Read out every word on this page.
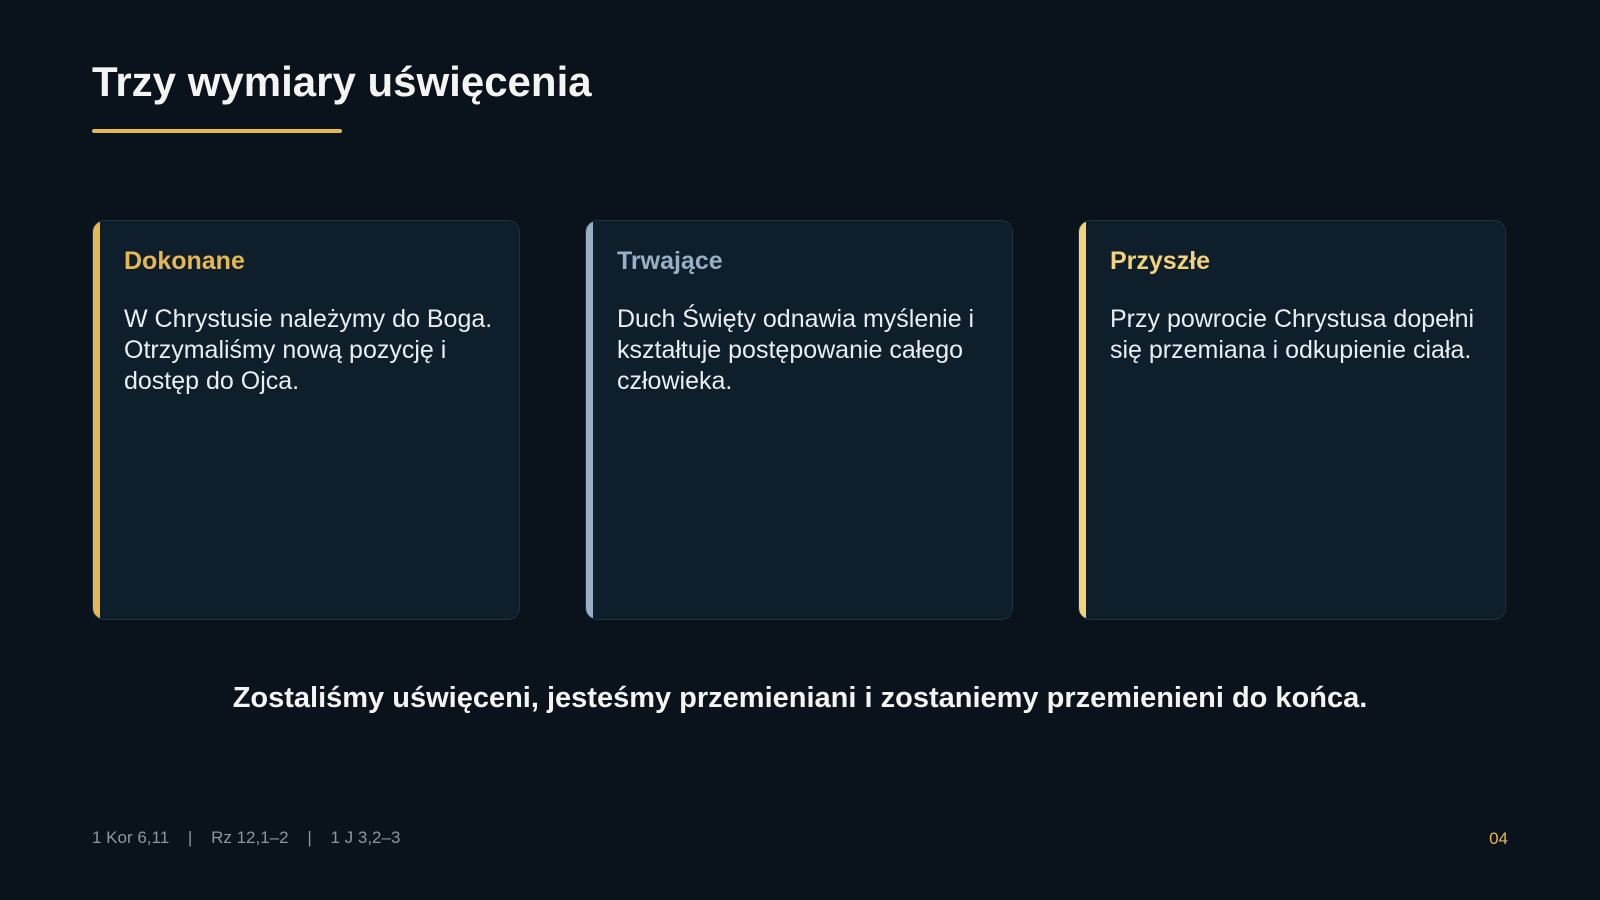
Trzy wymiary uświęcenia
Dokonane
W Chrystusie należymy do Boga. Otrzymaliśmy nową pozycję i dostęp do Ojca.
Trwające
Duch Święty odnawia myślenie i kształtuje postępowanie całego człowieka.
Przyszłe
Przy powrocie Chrystusa dopełni się przemiana i odkupienie ciała.
Zostaliśmy uświęceni, jesteśmy przemieniani i zostaniemy przemienieni do końca.
1 Kor 6,11 | Rz 12,1–2 | 1 J 3,2–3	04
